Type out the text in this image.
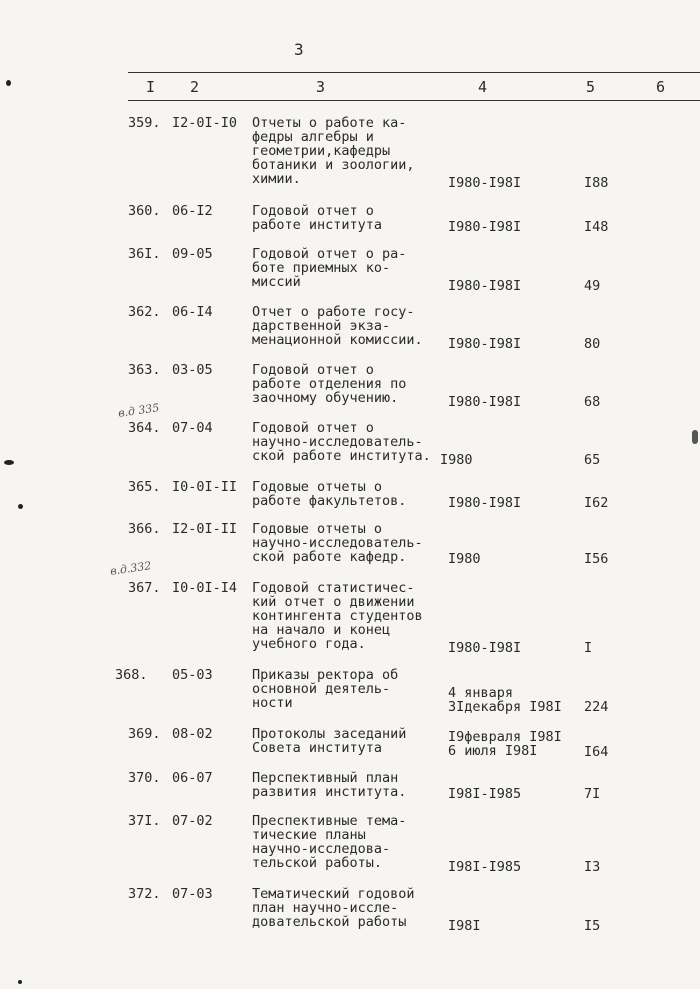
3
I 2	3	4	5	6
359. I2-0I-I0 Отчеты о работе ка-
федры алгебры и
геометрии,кафедры
ботаники и зоологии,
химии.	I980-I98I	I88
360. 06-I2	Годовой отчет о
работе института	I980-I98I	I48
36I. 09-05	Годовой отчет о ра-
боте приемных ко-
миссий	I980-I98I	49
362. 06-I4	Отчет о работе госу-
дарственной экза-
менационной комиссии.	I980-I98I	80
363. 03-05	Годовой отчет о
работе отделения по
заочному обучению.	I980-I98I	68
в.д 335
364. 07-04	Годовой отчет о
научно-исследователь-
ской работе института. I980	65
365. I0-0I-II Годовые отчеты о
работе факультетов.	I980-I98I	I62
366. I2-0I-II Годовые отчеты о
научно-исследователь-
ской работе кафедр.	I980	I56
в.д.332
367. I0-0I-I4 Годовой статистичес-
кий отчет о движении
контингента студентов
на начало и конец
учебного года.	I980-I98I	I
368. 05-03	Приказы ректора об
основной деятель-
ности
4 января
3Iдекабря I98I 224
369. 08-02	Протоколы заседаний
Совета института
I9февраля I98I
6 июля I98I	I64
370. 06-07	Перспективный план
развития института.	I98I-I985	7I
37I. 07-02	Преспективные тема-
тические планы
научно-исследова-
тельской работы.	I98I-I985	I3
372. 07-03	Тематический годовой
план научно-иссле-
довательской работы	I98I	I5
